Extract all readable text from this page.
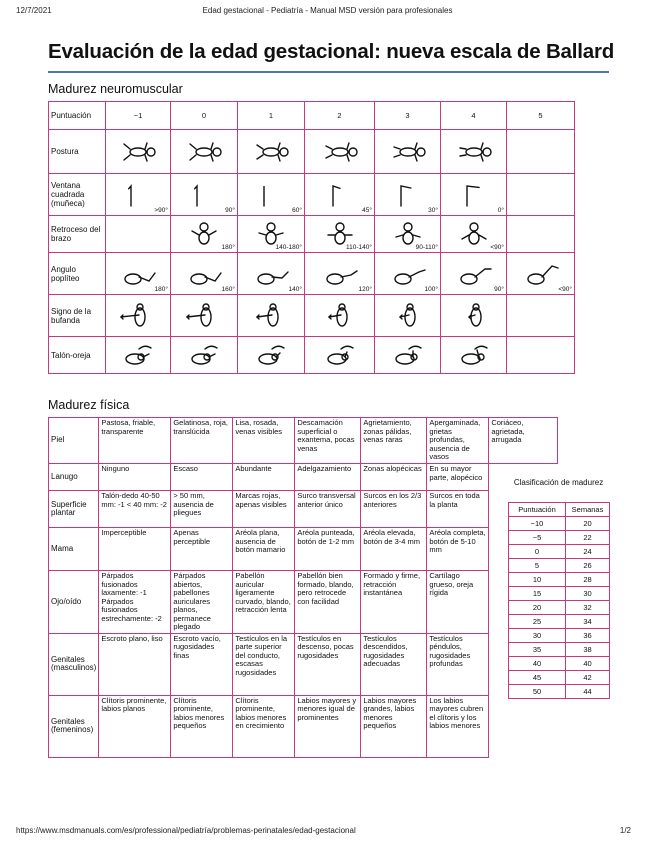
12/7/2021	Edad gestacional - Pediatría - Manual MSD versión para profesionales
Evaluación de la edad gestacional: nueva escala de Ballard
Madurez neuromuscular
Puntuación	−1	0	1	2	3	4	5
Postura	

Ventana cuadrada (muñeca)	>90°	90°	60°	45°	30°	0°	

Retroceso del brazo		180°	140-180°	110-140°	90-110°	<90°	

Angulo poplíteo	180°	160°	140°	120°	100°	90°	<90°

Signo de la bufanda	

Talón-oreja	

Madurez física
Piel	Pastosa, friable, transparente	Gelatinosa, roja, translúcida	Lisa, rosada, venas visibles	Descamación superficial o exantema, pocas venas	Agrietamiento, zonas pálidas, venas raras	Apergaminada, grietas profundas, ausencia de vasos	Coriáceo, agrietada, arrugada
Lanugo	Ninguno	Escaso	Abundante	Adelgazamiento	Zonas alopécicas	En su mayor parte, alopécico	
Superficie plantar	Talón-dedo 40-50 mm: -1 < 40 mm: -2	> 50 mm, ausencia de pliegues	Marcas rojas, apenas visibles	Surco transversal anterior único	Surcos en los 2/3 anteriores	Surcos en toda la planta	
Mama	Imperceptible	Apenas perceptible	Aréola plana, ausencia de botón mamario	Aréola punteada, botón de 1-2 mm	Aréola elevada, botón de 3-4 mm	Aréola completa, botón de 5-10 mm	
Ojo/oído	Párpados fusionados laxamente: -1 Párpados fusionados estrechamente: -2	Párpados abiertos, pabellones auriculares planos, permanece plegado	Pabellón auricular ligeramente curvado, blando, retracción lenta	Pabellón bien formado, blando, pero retrocede con facilidad	Formado y firme, retracción instantánea	Cartílago grueso, oreja rígida	
Genitales (masculinos)	Escroto plano, liso	Escroto vacío, rugosidades finas	Testículos en la parte superior del conducto, escasas rugosidades	Testículos en descenso, pocas rugosidades	Testículos descendidos, rugosidades adecuadas	Testículos péndulos, rugosidades profundas	
Genitales (femeninos)	Clítoris prominente, labios planos	Clítoris prominente, labios menores pequeños	Clítoris prominente, labios menores en crecimiento	Labios mayores y menores igual de prominentes	Labios mayores grandes, labios menores pequeños	Los labios mayores cubren el clítoris y los labios menores	
Clasificación de madurez
Puntuación	Semanas
−10	20
−5	22
0	24
5	26
10	28
15	30
20	32
25	34
30	36
35	38
40	40
45	42
50	44
https://www.msdmanuals.com/es/professional/pediatría/problemas-perinatales/edad-gestacional	1/2
